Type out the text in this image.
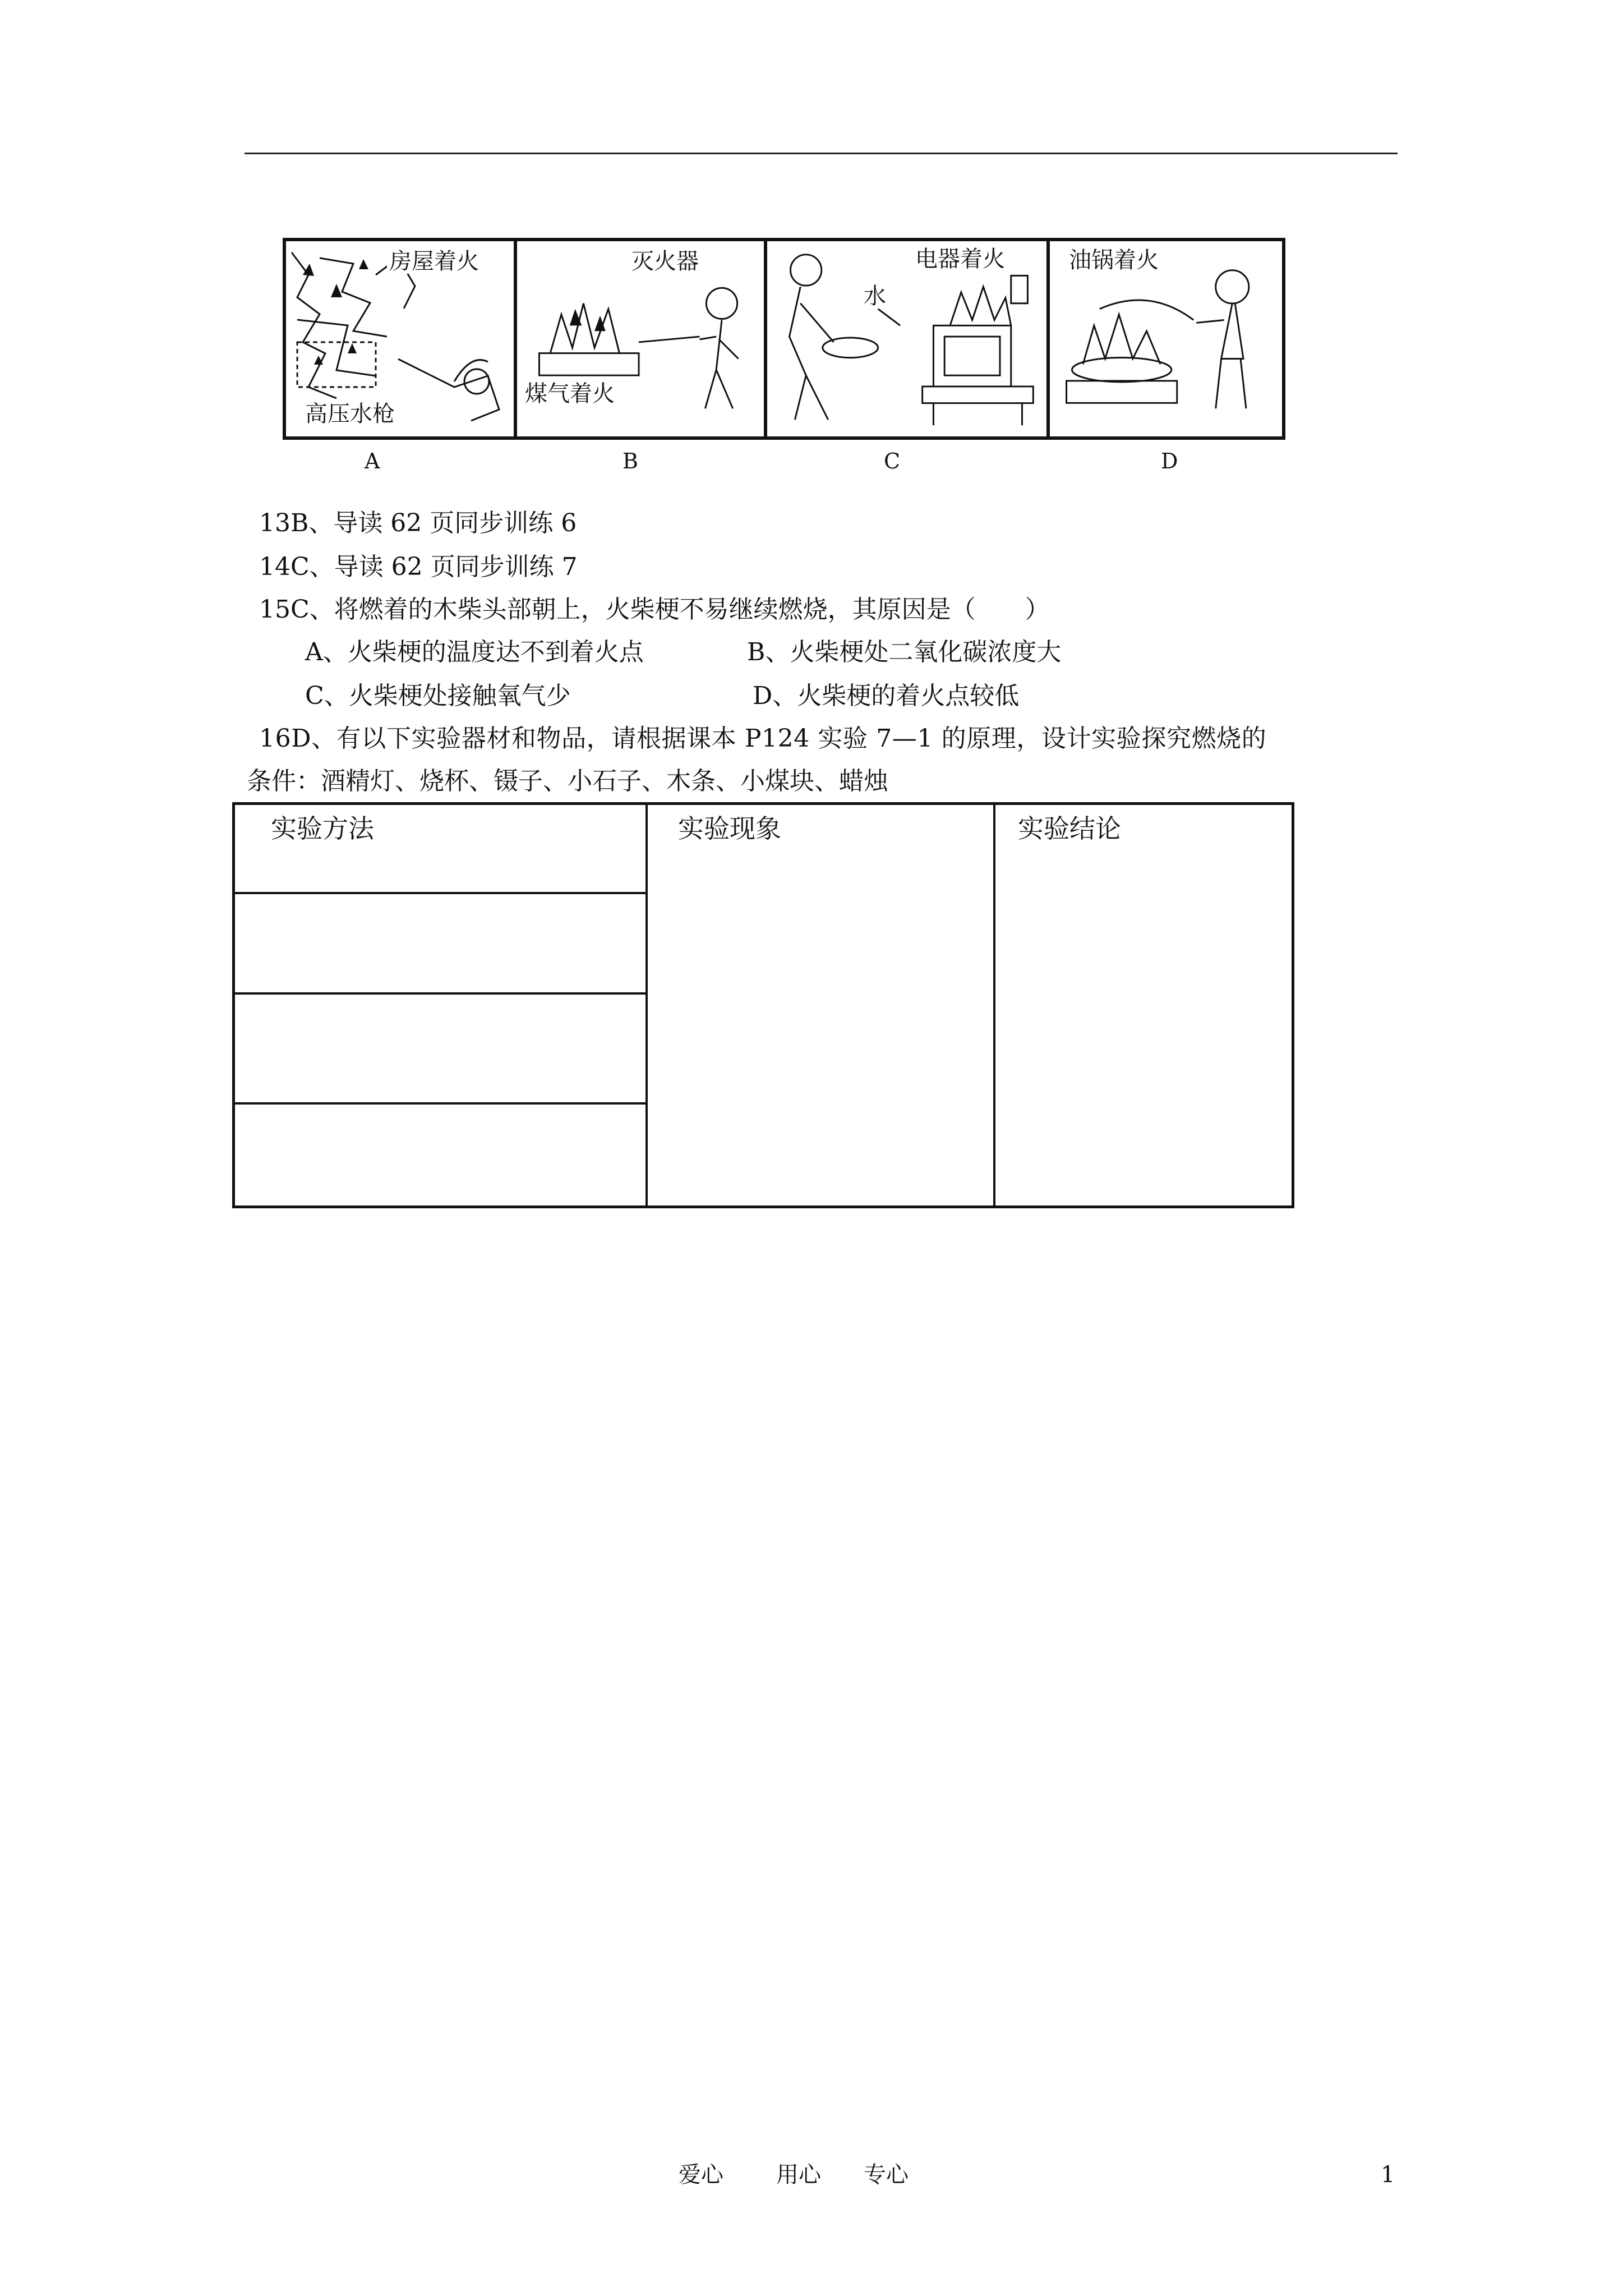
房屋着火
高压水枪
灭火器
煤气着火
电器着火
水
油锅着火
A	B	C	D
13B、导读 62 页同步训练 6
14C、导读 62 页同步训练 7
15C、将燃着的木柴头部朝上，火柴梗不易继续燃烧，其原因是（　　）
A、火柴梗的温度达不到着火点	B、火柴梗处二氧化碳浓度大
C、火柴梗处接触氧气少	D、火柴梗的着火点较低
16D、有以下实验器材和物品，请根据课本 P124 实验 7—1 的原理，设计实验探究燃烧的
条件：酒精灯、烧杯、镊子、小石子、木条、小煤块、蜡烛
实验方法	实验现象	实验结论
爱心 用心 专心	1
